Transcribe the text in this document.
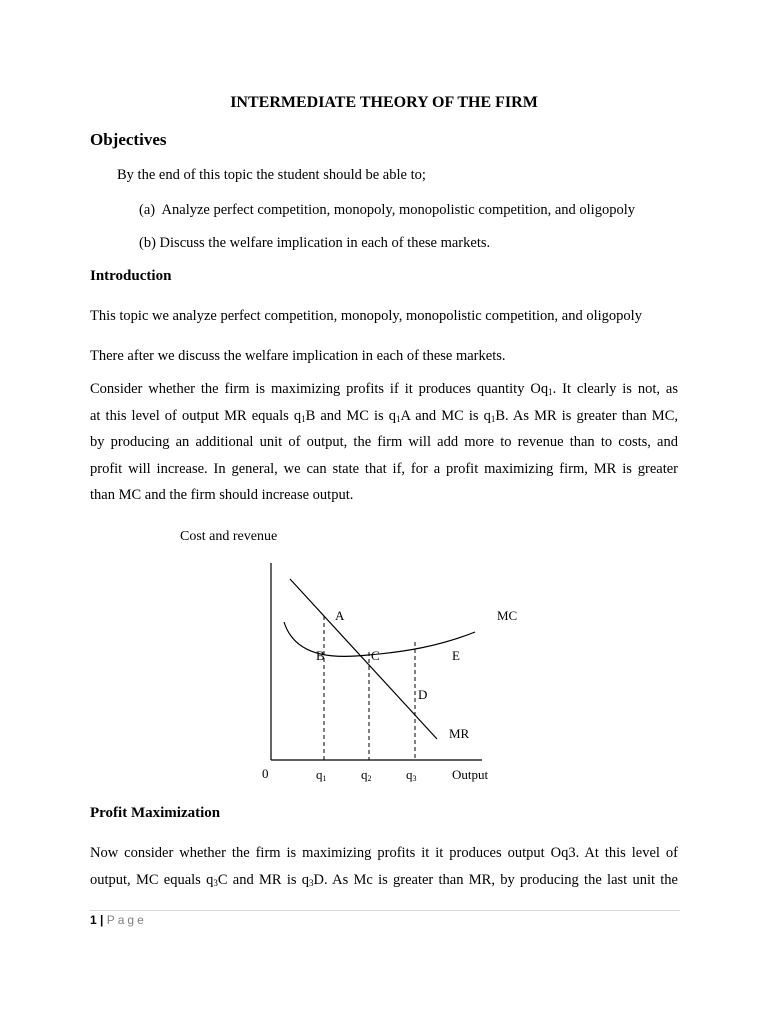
INTERMEDIATE THEORY OF THE FIRM
Objectives
By the end of this topic the student should be able to;
(a) Analyze perfect competition, monopoly, monopolistic competition, and oligopoly
(b) Discuss the welfare implication in each of these markets.
Introduction
This topic we analyze perfect competition, monopoly, monopolistic competition, and oligopoly
There after we discuss the welfare implication in each of these markets.
Consider whether the firm is maximizing profits if it produces quantity $Oq_1$. It clearly is not, as
at this level of output MR equals $q_1B$ and MC is $q_1A$ and MC is $q_1B$. As MR is greater than MC,
by producing an additional unit of output, the firm will add more to revenue than to costs, and
profit will increase. In general, we can state that if, for a profit maximizing firm, MR is greater
than MC and the firm should increase output.
Cost and revenue
A	MC
B	C	E
D
MR
0	q1	q2	q3	Output
Profit Maximization
Now consider whether the firm is maximizing profits it it produces output Oq3. At this level of
output, MC equals $q_3C$ and MR is $q_3D$. As Mc is greater than MR, by producing the last unit the
1 | Page
